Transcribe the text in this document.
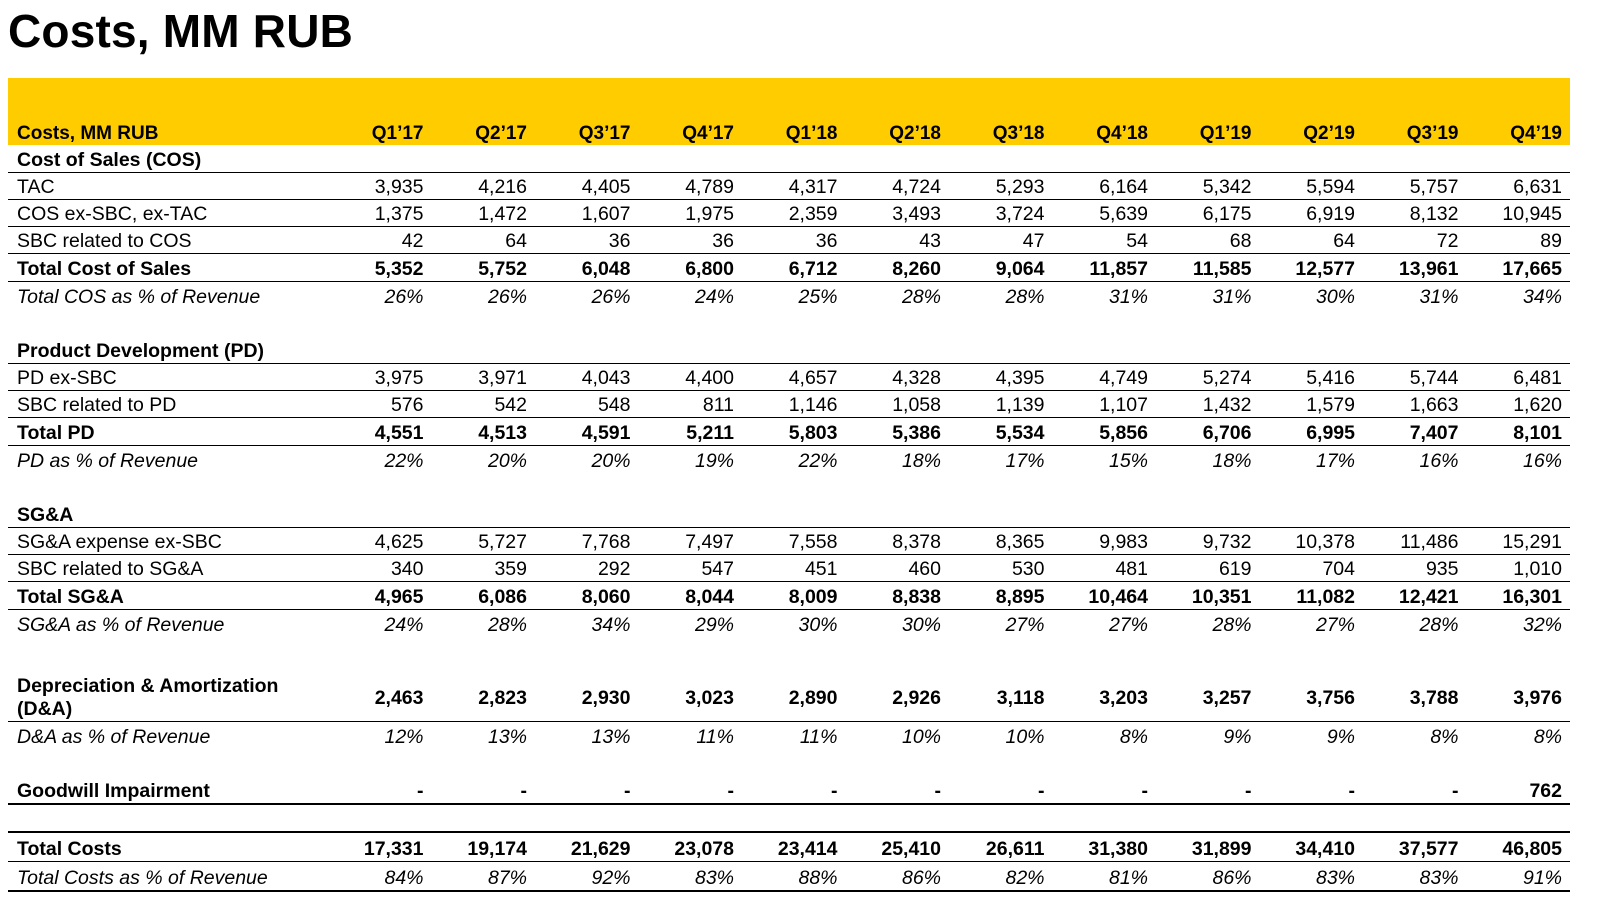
Costs, MM RUB
Costs, MM RUB	Q1’17	Q2’17	Q3’17	Q4’17	Q1’18	Q2’18	Q3’18	Q4’18	Q1’19	Q2’19	Q3’19	Q4’19
Cost of Sales (COS)												
TAC	3,935	4,216	4,405	4,789	4,317	4,724	5,293	6,164	5,342	5,594	5,757	6,631
COS ex-SBC, ex-TAC	1,375	1,472	1,607	1,975	2,359	3,493	3,724	5,639	6,175	6,919	8,132	10,945
SBC related to COS	42	64	36	36	36	43	47	54	68	64	72	89
Total Cost of Sales	5,352	5,752	6,048	6,800	6,712	8,260	9,064	11,857	11,585	12,577	13,961	17,665
Total COS as % of Revenue	26%	26%	26%	24%	25%	28%	28%	31%	31%	30%	31%	34%

Product Development (PD)												
PD ex-SBC	3,975	3,971	4,043	4,400	4,657	4,328	4,395	4,749	5,274	5,416	5,744	6,481
SBC related to PD	576	542	548	811	1,146	1,058	1,139	1,107	1,432	1,579	1,663	1,620
Total PD	4,551	4,513	4,591	5,211	5,803	5,386	5,534	5,856	6,706	6,995	7,407	8,101
PD as % of Revenue	22%	20%	20%	19%	22%	18%	17%	15%	18%	17%	16%	16%

SG&A												
SG&A expense ex-SBC	4,625	5,727	7,768	7,497	7,558	8,378	8,365	9,983	9,732	10,378	11,486	15,291
SBC related to SG&A	340	359	292	547	451	460	530	481	619	704	935	1,010
Total SG&A	4,965	6,086	8,060	8,044	8,009	8,838	8,895	10,464	10,351	11,082	12,421	16,301
SG&A as % of Revenue	24%	28%	34%	29%	30%	30%	27%	27%	28%	27%	28%	32%

Depreciation & Amortization (D&A)	2,463	2,823	2,930	3,023	2,890	2,926	3,118	3,203	3,257	3,756	3,788	3,976
D&A as % of Revenue	12%	13%	13%	11%	11%	10%	10%	8%	9%	9%	8%	8%

Goodwill Impairment	-	-	-	-	-	-	-	-	-	-	-	762

Total Costs	17,331	19,174	21,629	23,078	23,414	25,410	26,611	31,380	31,899	34,410	37,577	46,805
Total Costs as % of Revenue	84%	87%	92%	83%	88%	86%	82%	81%	86%	83%	83%	91%
